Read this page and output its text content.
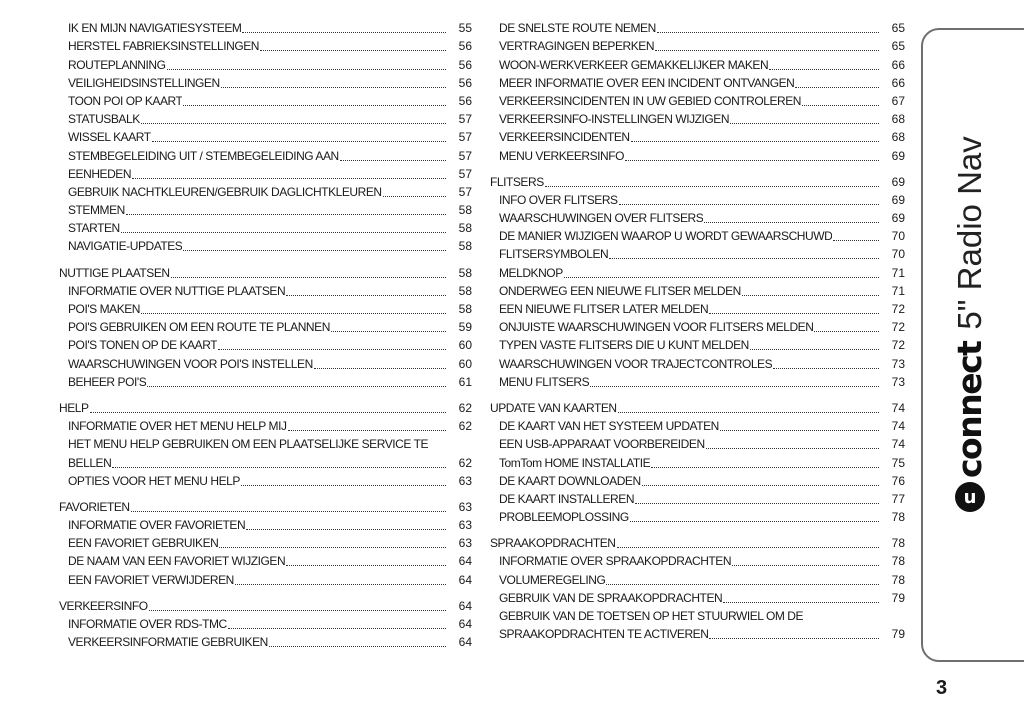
IK EN MIJN NAVIGATIESYSTEEM	55
HERSTEL FABRIEKSINSTELLINGEN	56
ROUTEPLANNING	56
VEILIGHEIDSINSTELLINGEN	56
TOON POI OP KAART	56
STATUSBALK	57
WISSEL KAART	57
STEMBEGELEIDING UIT / STEMBEGELEIDING AAN	57
EENHEDEN	57
GEBRUIK NACHTKLEUREN/GEBRUIK DAGLICHTKLEUREN	57
STEMMEN	58
STARTEN	58
NAVIGATIE-UPDATES	58
NUTTIGE PLAATSEN	58
INFORMATIE OVER NUTTIGE PLAATSEN	58
POI'S MAKEN	58
POI'S GEBRUIKEN OM EEN ROUTE TE PLANNEN	59
POI'S TONEN OP DE KAART	60
WAARSCHUWINGEN VOOR POI'S INSTELLEN	60
BEHEER POI'S	61
HELP	62
INFORMATIE OVER HET MENU HELP MIJ	62
HET MENU HELP GEBRUIKEN OM EEN PLAATSELIJKE SERVICE TE
BELLEN	62
OPTIES VOOR HET MENU HELP	63
FAVORIETEN	63
INFORMATIE OVER FAVORIETEN	63
EEN FAVORIET GEBRUIKEN	63
DE NAAM VAN EEN FAVORIET WIJZIGEN	64
EEN FAVORIET VERWIJDEREN	64
VERKEERSINFO	64
INFORMATIE OVER RDS-TMC	64
VERKEERSINFORMATIE GEBRUIKEN	64
DE SNELSTE ROUTE NEMEN	65
VERTRAGINGEN BEPERKEN	65
WOON-WERKVERKEER GEMAKKELIJKER MAKEN	66
MEER INFORMATIE OVER EEN INCIDENT ONTVANGEN	66
VERKEERSINCIDENTEN IN UW GEBIED CONTROLEREN	67
VERKEERSINFO-INSTELLINGEN WIJZIGEN	68
VERKEERSINCIDENTEN	68
MENU VERKEERSINFO	69
FLITSERS	69
INFO OVER FLITSERS	69
WAARSCHUWINGEN OVER FLITSERS	69
DE MANIER WIJZIGEN WAAROP U WORDT GEWAARSCHUWD	70
FLITSERSYMBOLEN	70
MELDKNOP	71
ONDERWEG EEN NIEUWE FLITSER MELDEN	71
EEN NIEUWE FLITSER LATER MELDEN	72
ONJUISTE WAARSCHUWINGEN VOOR FLITSERS MELDEN	72
TYPEN VASTE FLITSERS DIE U KUNT MELDEN	72
WAARSCHUWINGEN VOOR TRAJECTCONTROLES	73
MENU FLITSERS	73
UPDATE VAN KAARTEN	74
DE KAART VAN HET SYSTEEM UPDATEN	74
EEN USB-APPARAAT VOORBEREIDEN	74
TomTom HOME INSTALLATIE	75
DE KAART DOWNLOADEN	76
DE KAART INSTALLEREN	77
PROBLEEMOPLOSSING	78
SPRAAKOPDRACHTEN	78
INFORMATIE OVER SPRAAKOPDRACHTEN	78
VOLUMEREGELING	78
GEBRUIK VAN DE SPRAAKOPDRACHTEN	79
GEBRUIK VAN DE TOETSEN OP HET STUURWIEL OM DE
SPRAAKOPDRACHTEN TE ACTIVEREN	79
u
connect
5" Radio Nav
3
